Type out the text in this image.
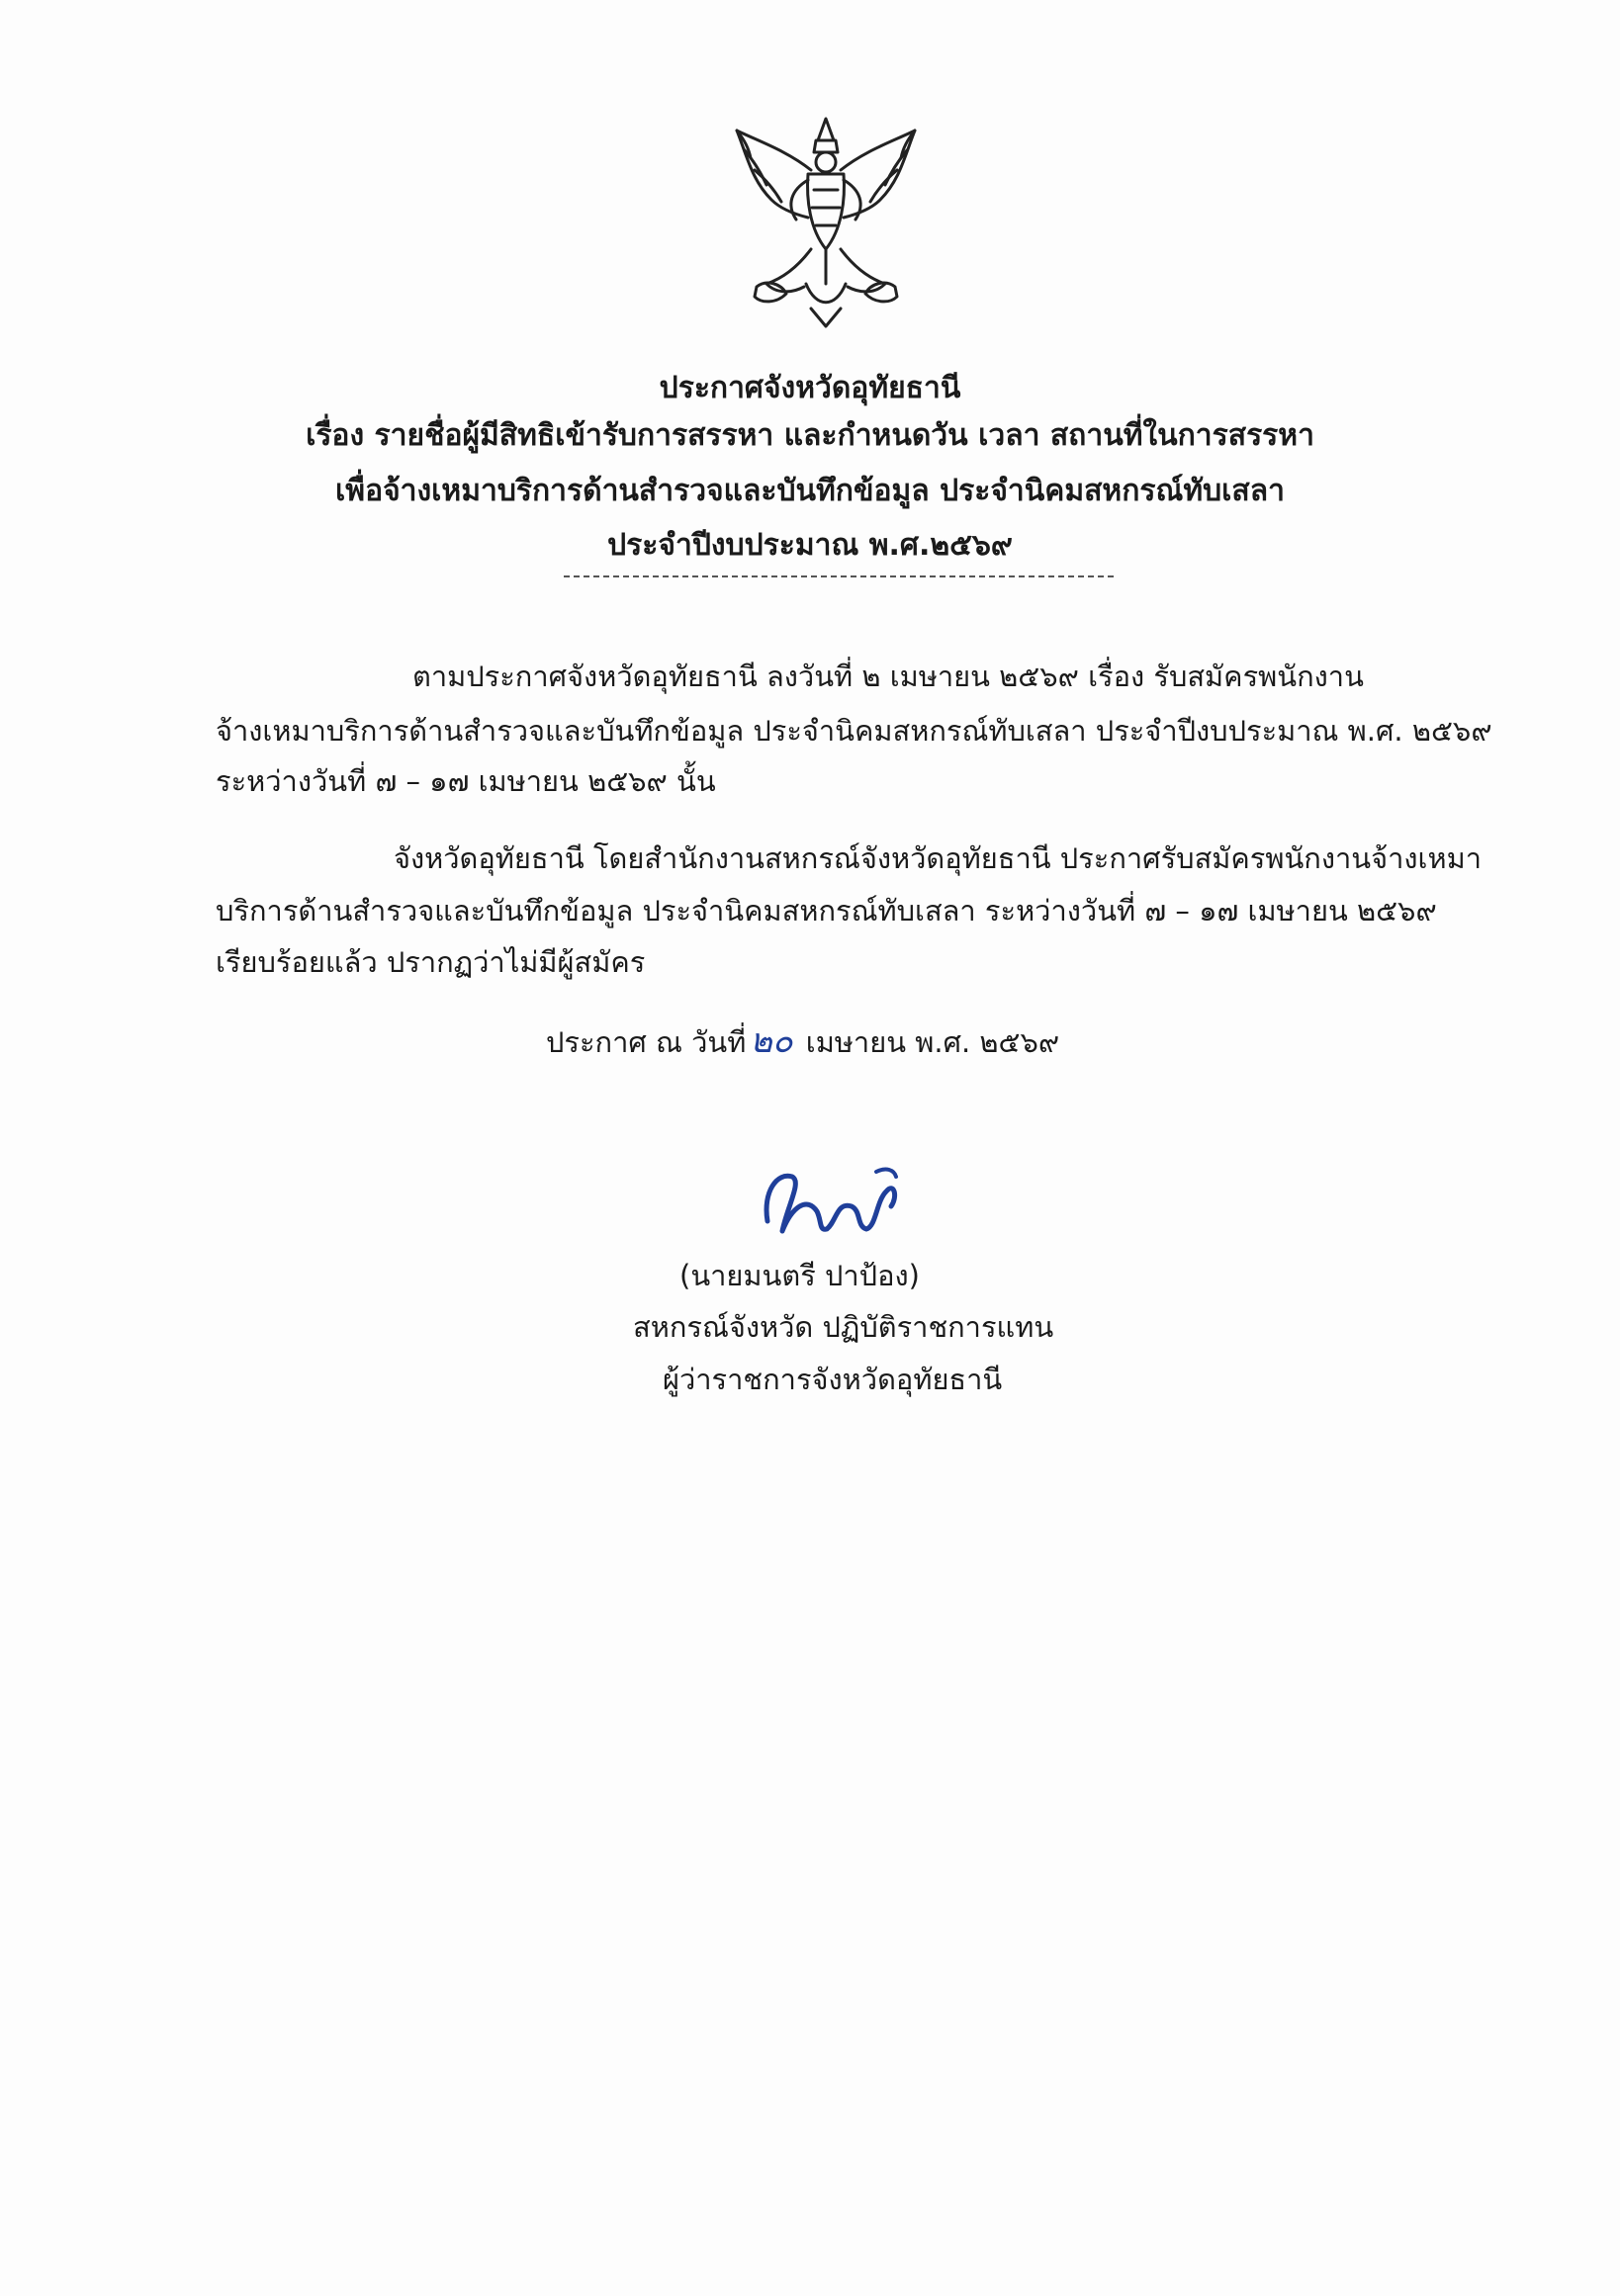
ประกาศจังหวัดอุทัยธานี
เรื่อง รายชื่อผู้มีสิทธิเข้ารับการสรรหา และกำหนดวัน เวลา สถานที่ในการสรรหา
เพื่อจ้างเหมาบริการด้านสำรวจและบันทึกข้อมูล ประจำนิคมสหกรณ์ทับเสลา
ประจำปีงบประมาณ พ.ศ.๒๕๖๙
ตามประกาศจังหวัดอุทัยธานี ลงวันที่ ๒ เมษายน ๒๕๖๙ เรื่อง รับสมัครพนักงาน
จ้างเหมาบริการด้านสำรวจและบันทึกข้อมูล ประจำนิคมสหกรณ์ทับเสลา ประจำปีงบประมาณ พ.ศ. ๒๕๖๙
ระหว่างวันที่ ๗ – ๑๗ เมษายน ๒๕๖๙ นั้น
จังหวัดอุทัยธานี โดยสำนักงานสหกรณ์จังหวัดอุทัยธานี ประกาศรับสมัครพนักงานจ้างเหมา
บริการด้านสำรวจและบันทึกข้อมูล ประจำนิคมสหกรณ์ทับเสลา ระหว่างวันที่ ๗ – ๑๗ เมษายน ๒๕๖๙
เรียบร้อยแล้ว ปรากฏว่าไม่มีผู้สมัคร
ประกาศ ณ วันที่ ๒๐ เมษายน พ.ศ. ๒๕๖๙
(นายมนตรี ปาป้อง)
สหกรณ์จังหวัด ปฏิบัติราชการแทน
ผู้ว่าราชการจังหวัดอุทัยธานี
